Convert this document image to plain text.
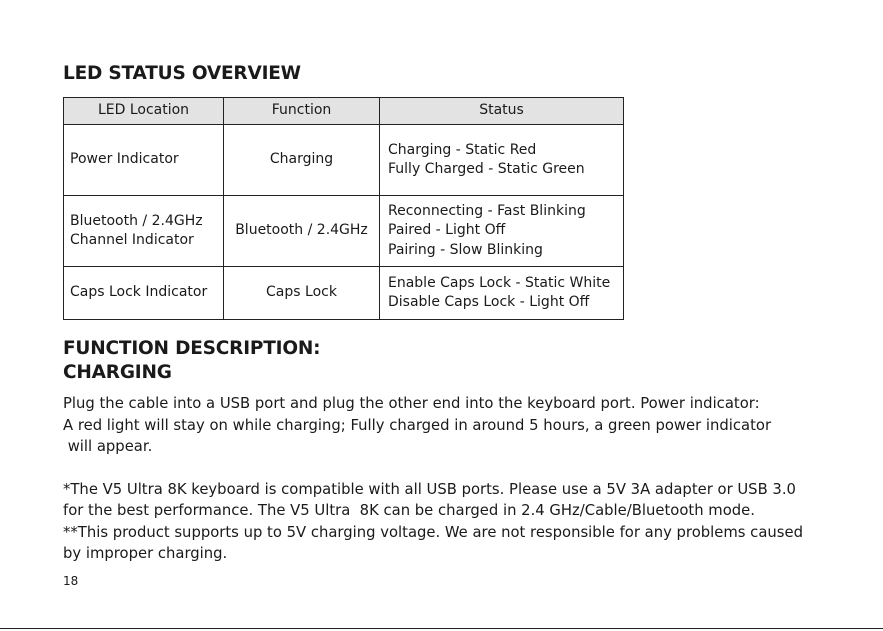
LED STATUS OVERVIEW
LED Location	Function	Status

Power Indicator	Charging	Charging - Static Red
Fully Charged - Static Green

Bluetooth / 2.4GHz
Channel Indicator	Bluetooth / 2.4GHz	Reconnecting - Fast Blinking
Paired - Light Off
Pairing - Slow Blinking

Caps Lock Indicator	Caps Lock	Enable Caps Lock - Static White
Disable Caps Lock - Light Off
FUNCTION DESCRIPTION:
CHARGING

Plug the cable into a USB port and plug the other end into the keyboard port. Power indicator:
A red light will stay on while charging; Fully charged in around 5 hours, a green power indicator
will appear.

*The V5 Ultra 8K keyboard is compatible with all USB ports. Please use a 5V 3A adapter or USB 3.0
for the best performance. The V5 Ultra  8K can be charged in 2.4 GHz/Cable/Bluetooth mode.
**This product supports up to 5V charging voltage. We are not responsible for any problems caused
by improper charging.

18
